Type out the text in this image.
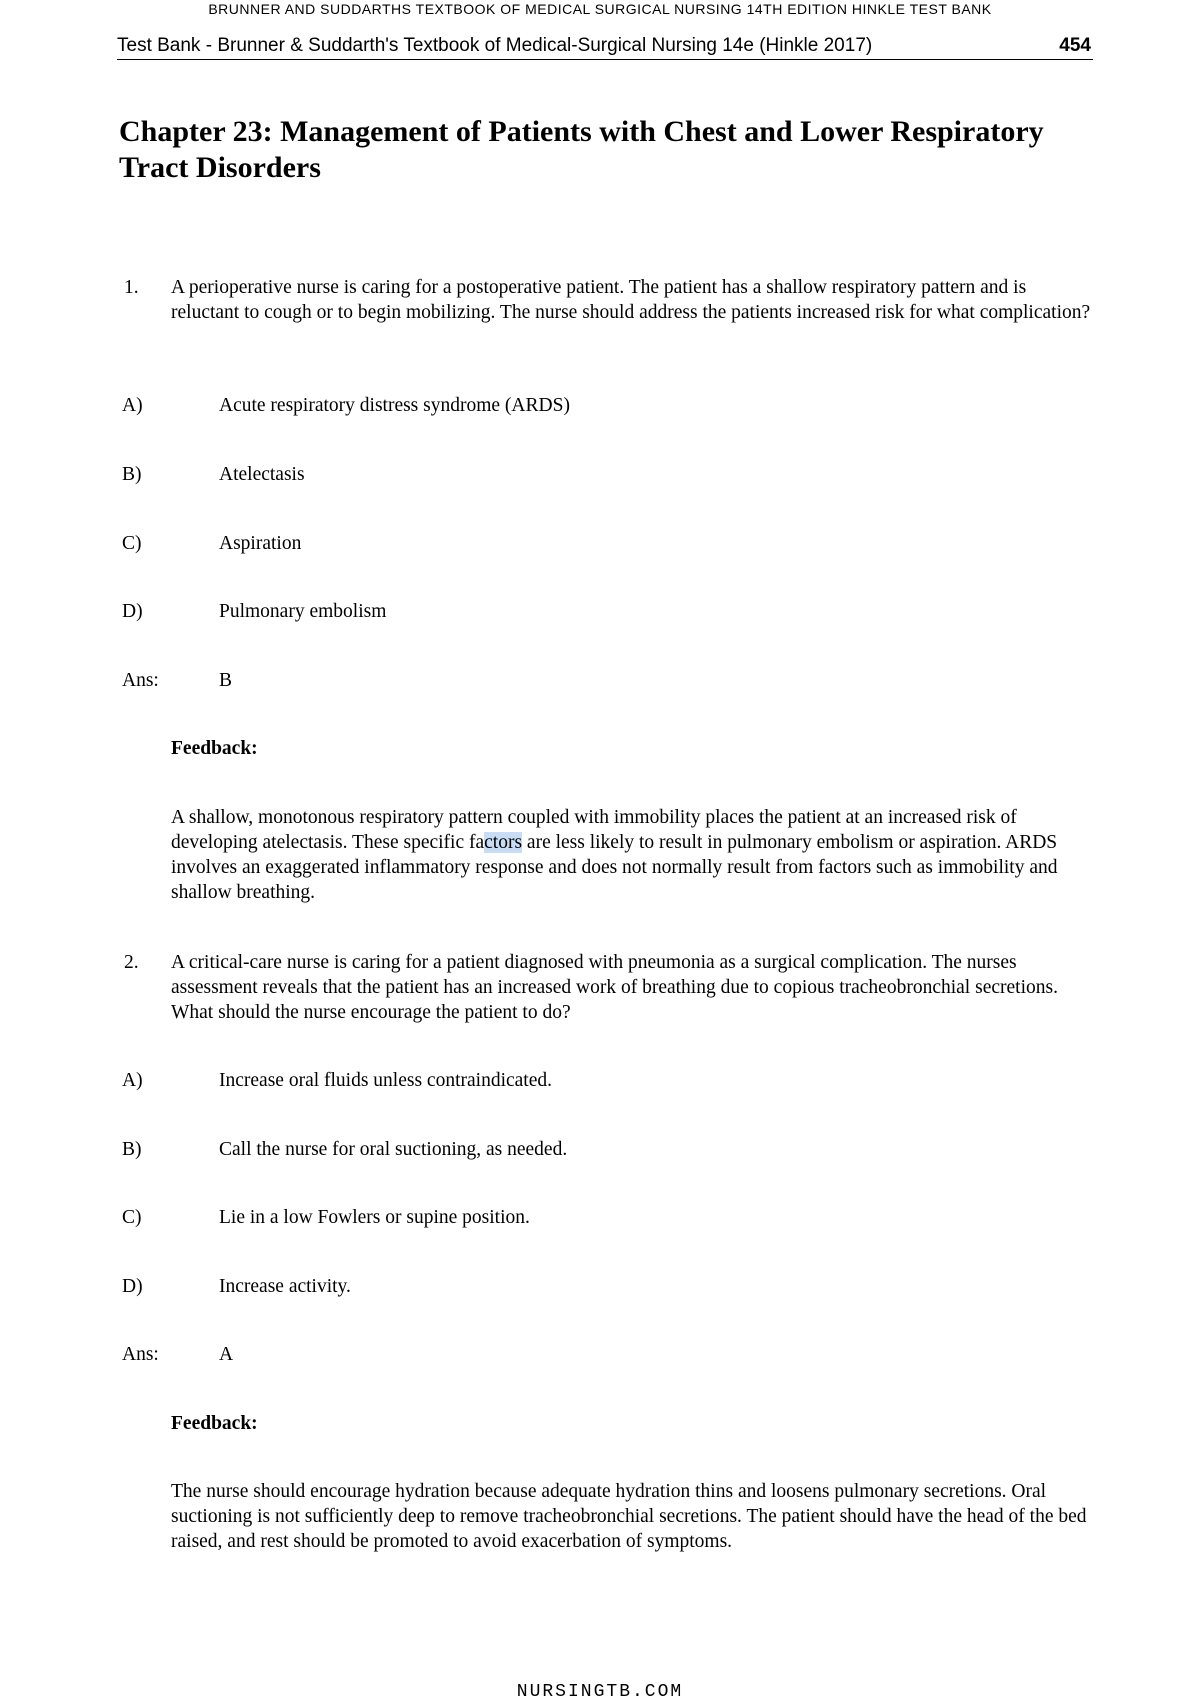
BRUNNER AND SUDDARTHS TEXTBOOK OF MEDICAL SURGICAL NURSING 14TH EDITION HINKLE TEST BANK
Test Bank - Brunner & Suddarth's Textbook of Medical-Surgical Nursing 14e (Hinkle 2017)	454
Chapter 23: Management of Patients with Chest and Lower Respiratory Tract Disorders
1. A perioperative nurse is caring for a postoperative patient. The patient has a shallow respiratory pattern and is reluctant to cough or to begin mobilizing. The nurse should address the patients increased risk for what complication?
A)	Acute respiratory distress syndrome (ARDS)
B)	Atelectasis
C)	Aspiration
D)	Pulmonary embolism
Ans:	B
Feedback:
A shallow, monotonous respiratory pattern coupled with immobility places the patient at an increased risk of developing atelectasis. These specific factors are less likely to result in pulmonary embolism or aspiration. ARDS involves an exaggerated inflammatory response and does not normally result from factors such as immobility and shallow breathing.
2. A critical-care nurse is caring for a patient diagnosed with pneumonia as a surgical complication. The nurses assessment reveals that the patient has an increased work of breathing due to copious tracheobronchial secretions. What should the nurse encourage the patient to do?
A)	Increase oral fluids unless contraindicated.
B)	Call the nurse for oral suctioning, as needed.
C)	Lie in a low Fowlers or supine position.
D)	Increase activity.
Ans:	A
Feedback:
The nurse should encourage hydration because adequate hydration thins and loosens pulmonary secretions. Oral suctioning is not sufficiently deep to remove tracheobronchial secretions. The patient should have the head of the bed raised, and rest should be promoted to avoid exacerbation of symptoms.
NURSINGTB.COM
